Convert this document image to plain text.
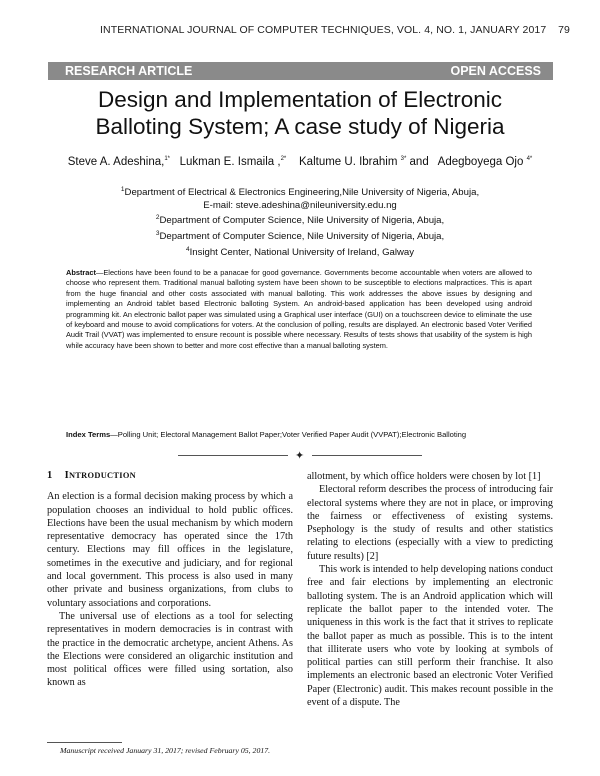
INTERNATIONAL JOURNAL OF COMPUTER TECHNIQUES, VOL. 4, NO. 1, JANUARY 2017 79
RESEARCH ARTICLE	OPEN ACCESS
Design and Implementation of Electronic
Balloting System; A case study of Nigeria
Steve A. Adeshina,$^{1*}$ Lukman E. Ismaila ,$^{2*}$ Kaltume U. Ibrahim $^{3*}$ and Adegboyega Ojo $^{4*}$
$^1$Department of Electrical & Electronics Engineering,Nile University of Nigeria, Abuja,
E-mail: steve.adeshina@nileuniversity.edu.ng
$^2$Department of Computer Science, Nile University of Nigeria, Abuja,
$^3$Department of Computer Science, Nile University of Nigeria, Abuja,
$^4$Insight Center, National University of Ireland, Galway
Abstract—Elections have been found to be a panacae for good governance. Governments become accountable when voters are allowed to choose who represent them. Traditional manual balloting system have been shown to be susceptible to elections malpractices. This is apart from the huge financial and other costs associated with manual balloting. This work addresses the above issues by designing and implementing an Android tablet based Electronic balloting System. An android-based application has been developed using android programming kit. An electronic ballot paper was simulated using a Graphical user interface (GUI) on a touchscreen device to eliminate the use of keyboard and mouse to avoid complications for voters. At the conclusion of polling, results are displayed. An electronic based Voter Verified Audit Trail (VVAT) was implemented to ensure recount is possible where necessary. Results of tests shows that usability of the system is high while accuracy have been shown to better and more cost effective than a manual balloting system.
Index Terms—Polling Unit; Electoral Management Ballot Paper;Voter Verified Paper Audit (VVPAT);Electronic Balloting
✦

1 INTRODUCTION

An election is a formal decision making process by which a population chooses an individual to hold public offices. Elections have been the usual mechanism by which modern representative democracy has operated since the 17th century. Elections may fill offices in the legislature, sometimes in the executive and judiciary, and for regional and local government. This process is also used in many other private and business organizations, from clubs to voluntary associations and corporations.

The universal use of elections as a tool for selecting representatives in modern democracies is in contrast with the practice in the democratic archetype, ancient Athens. As the Elections were considered an oligarchic institution and most political offices were filled using sortation, also known as

allotment, by which office holders were chosen by lot [1]

Electoral reform describes the process of introducing fair electoral systems where they are not in place, or improving the fairness or effectiveness of existing systems. Psephology is the study of results and other statistics relating to elections (especially with a view to predicting future results) [2]

This work is intended to help developing nations conduct free and fair elections by implementing an electronic balloting system. The is an Android application which will replicate the ballot paper to the intended voter. The uniqueness in this work is the fact that it strives to replicate the ballot paper as much as possible. This is to the intent that illiterate users who vote by looking at symbols of political parties can still perform their franchise. It also implements an electronic based an electronic Voter Verified Paper (Electronic) audit. This makes recount possible in the event of a dispute. The

Manuscript received January 31, 2017; revised February 05, 2017.
